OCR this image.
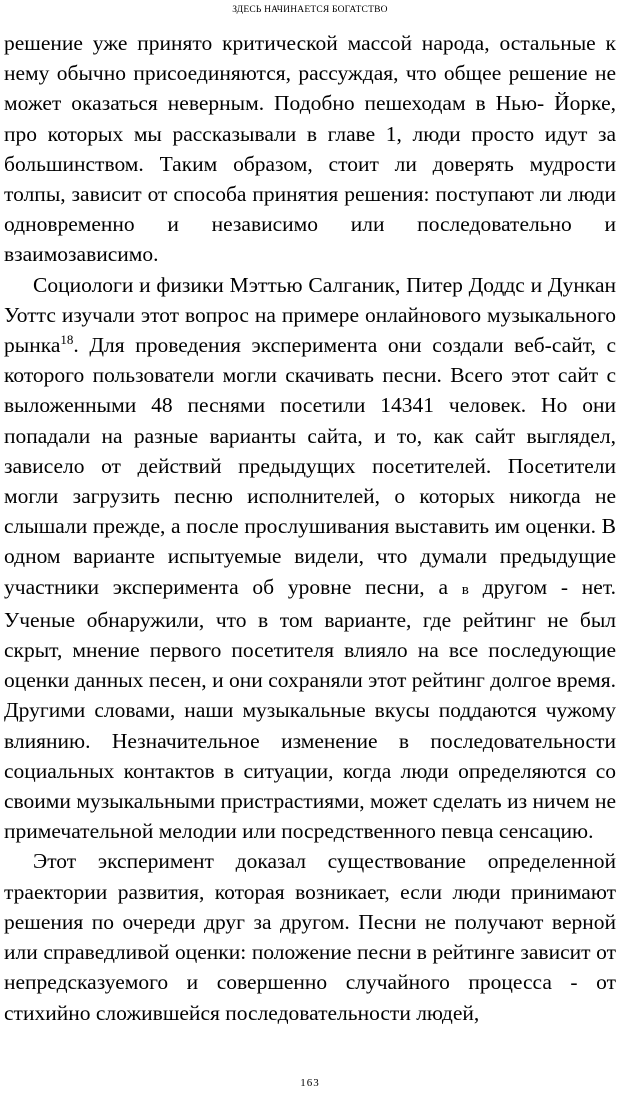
ЗДЕСЬ НАЧИНАЕТСЯ БОГАТСТВО

решение уже принято критической массой народа, остальные к нему обычно присоединяются, рассуждая, что общее решение не может оказаться неверным. Подобно пешеходам в Нью- Йорке, про которых мы рассказывали в главе 1, люди просто идут за большинством. Таким образом, стоит ли доверять мудрости толпы, зависит от способа принятия решения: поступают ли люди одновременно и независимо или последовательно и взаимозависимо.

Социологи и физики Мэттью Салганик, Питер Доддс и Дункан Уоттс изучали этот вопрос на примере онлайнового музыкального рынка$^{18}$. Для проведения эксперимента они создали веб-сайт, с которого пользователи могли скачивать песни. Всего этот сайт с выложенными 48 песнями посетили 14341 человек. Но они попадали на разные варианты сайта, и то, как сайт выглядел, зависело от действий предыдущих посетителей. Посетители могли загрузить песню исполнителей, о которых никогда не слышали прежде, а после прослушивания выставить им оценки. В одном варианте испытуемые видели, что думали предыдущие участники эксперимента об уровне песни, а в другом - нет. Ученые обнаружили, что в том варианте, где рейтинг не был скрыт, мнение первого посетителя влияло на все последующие оценки данных песен, и они сохраняли этот рейтинг долгое время. Другими словами, наши музыкальные вкусы поддаются чужому влиянию. Незначительное изменение в последовательности социальных контактов в ситуации, когда люди определяются со своими музыкальными пристрастиями, может сделать из ничем не примечательной мелодии или посредственного певца сенсацию.

Этот эксперимент доказал существование определенной траектории развития, которая возникает, если люди принимают решения по очереди друг за другом. Песни не получают верной или справедливой оценки: положение песни в рейтинге зависит от непредсказуемого и совершенно случайного процесса - от стихийно сложившейся последовательности людей,

163
